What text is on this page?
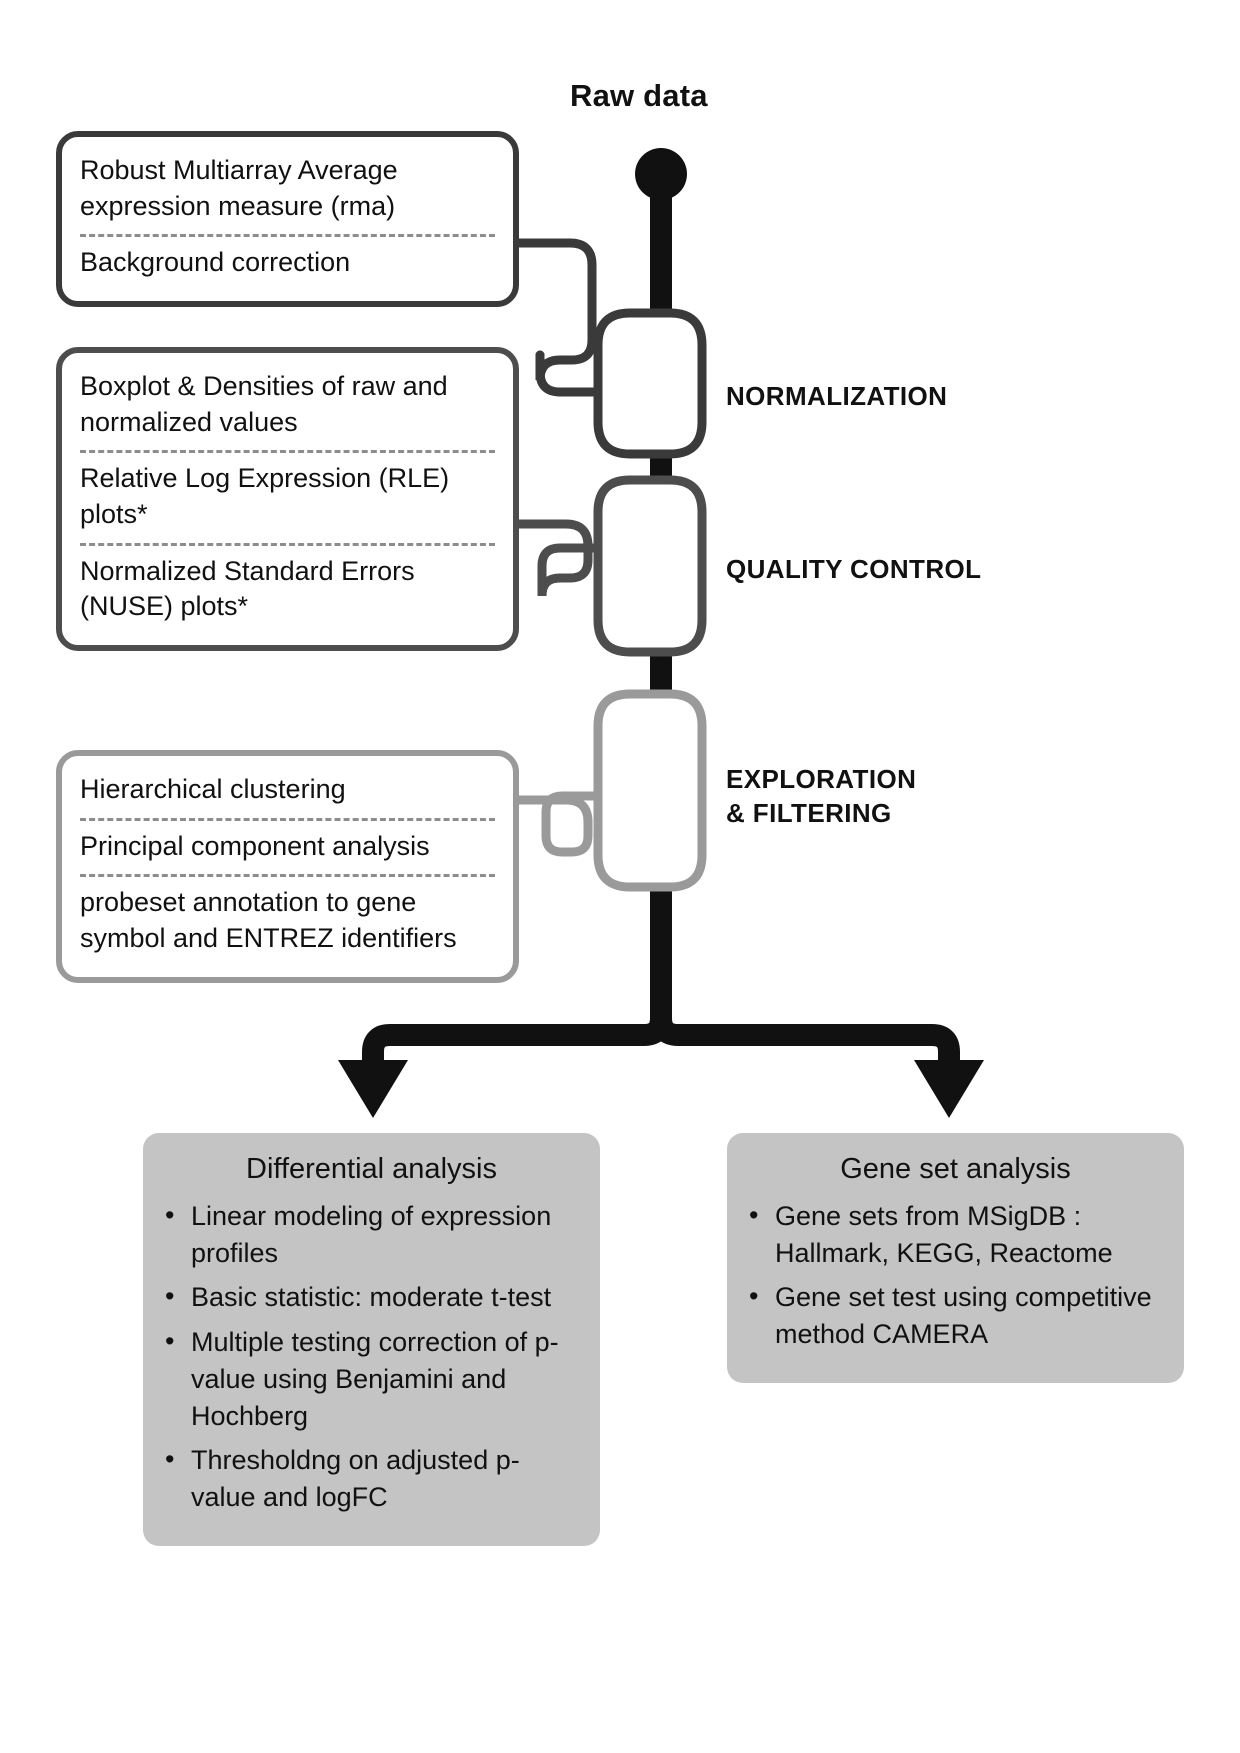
Raw data
NORMALIZATION
QUALITY CONTROL
EXPLORATION
& FILTERING
Robust Multiarray Average expression measure (rma)
Background correction
Boxplot & Densities of raw and normalized values
Relative Log Expression (RLE) plots*
Normalized Standard Errors (NUSE) plots*
Hierarchical clustering
Principal component analysis
probeset annotation to gene symbol and ENTREZ identifiers
Differential analysis
• Linear modeling of expression profiles
• Basic statistic: moderate t-test
• Multiple testing correction of p-value using Benjamini and Hochberg
• Thresholdng on adjusted p-value and logFC
Gene set analysis
• Gene sets from MSigDB : Hallmark, KEGG, Reactome
• Gene set test using competitive method CAMERA
